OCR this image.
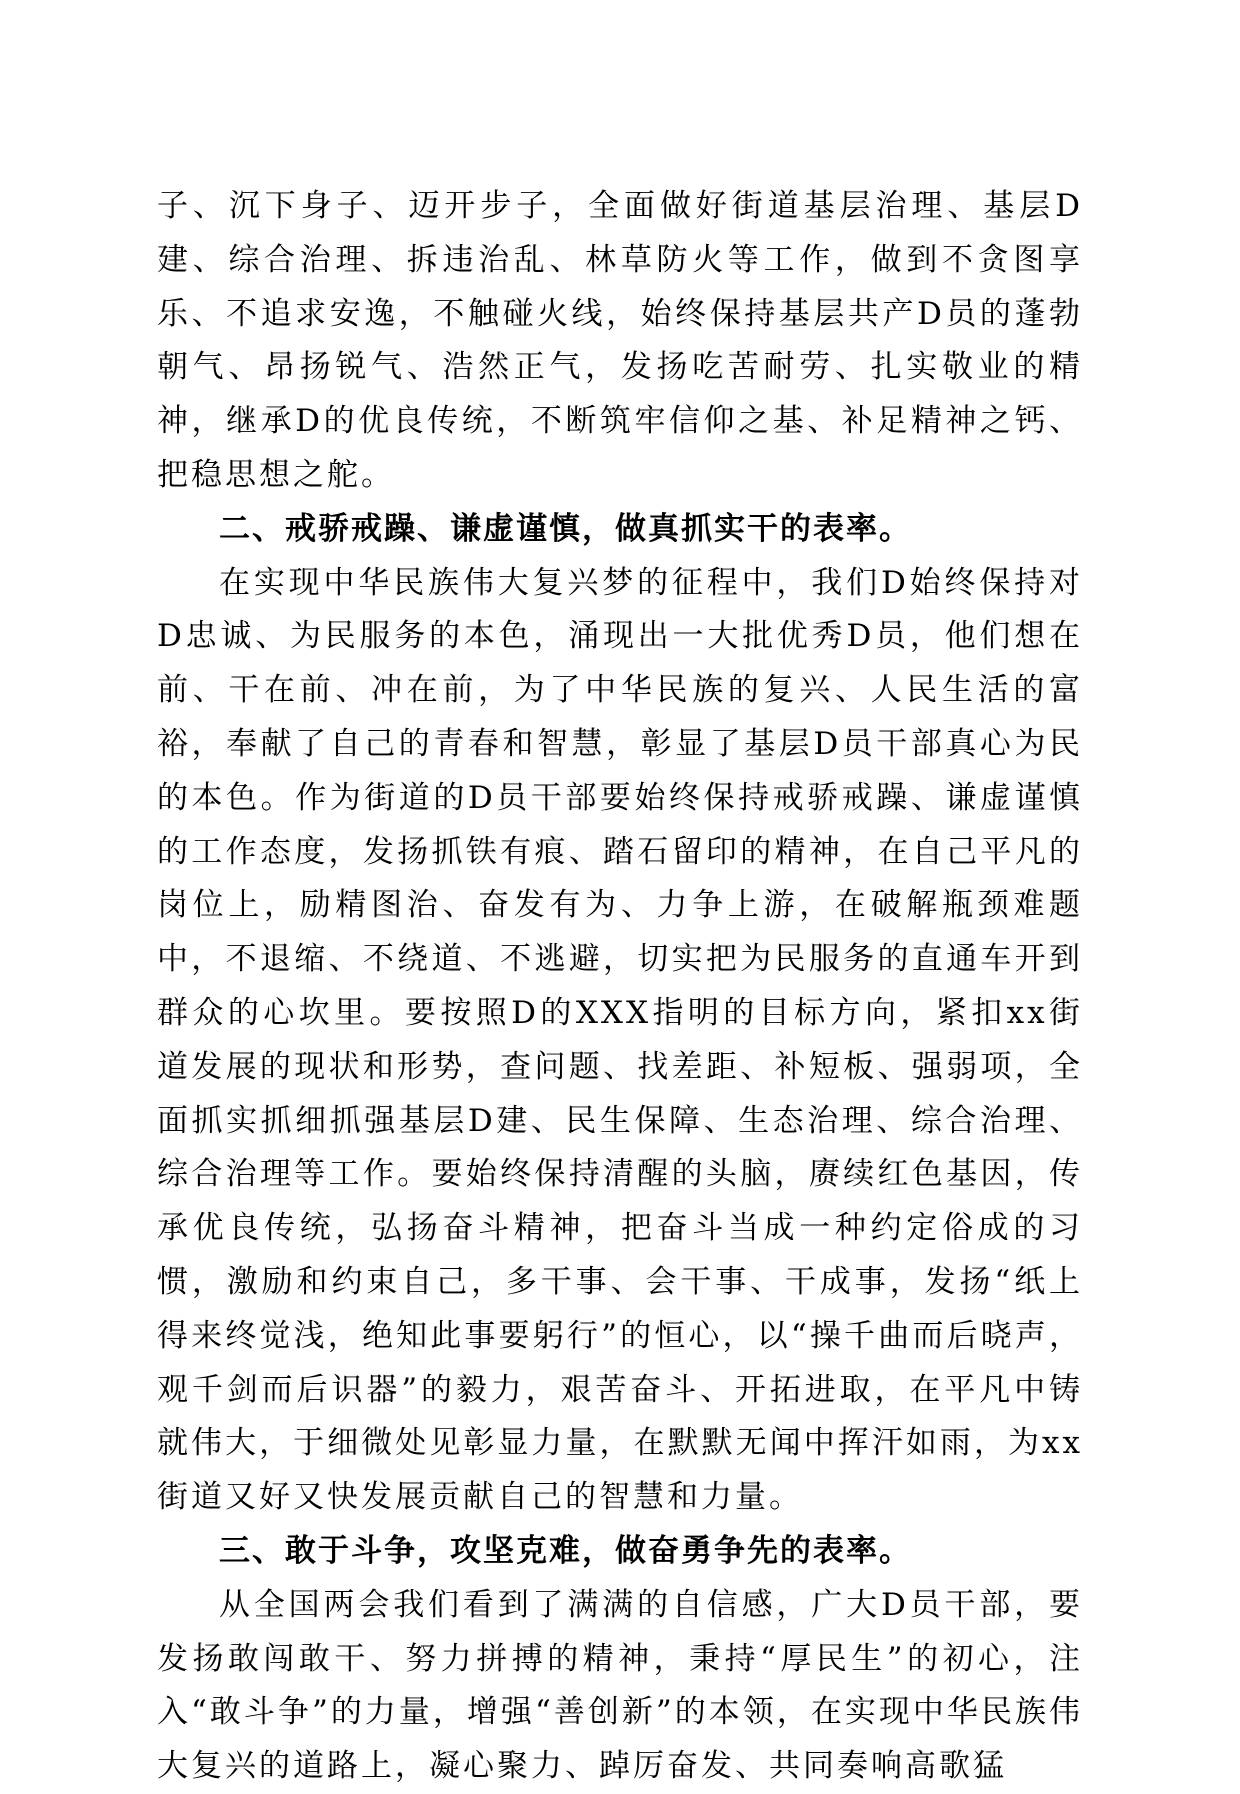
子、沉下身子、迈开步子，全面做好街道基层治理、基层D建、综合治理、拆违治乱、林草防火等工作，做到不贪图享乐、不追求安逸，不触碰火线，始终保持基层共产D员的蓬勃朝气、昂扬锐气、浩然正气，发扬吃苦耐劳、扎实敬业的精神，继承D的优良传统，不断筑牢信仰之基、补足精神之钙、把稳思想之舵。

二、戒骄戒躁、谦虚谨慎，做真抓实干的表率。

在实现中华民族伟大复兴梦的征程中，我们D始终保持对D忠诚、为民服务的本色，涌现出一大批优秀D员，他们想在前、干在前、冲在前，为了中华民族的复兴、人民生活的富裕，奉献了自己的青春和智慧，彰显了基层D员干部真心为民的本色。作为街道的D员干部要始终保持戒骄戒躁、谦虚谨慎的工作态度，发扬抓铁有痕、踏石留印的精神，在自己平凡的岗位上，励精图治、奋发有为、力争上游，在破解瓶颈难题中，不退缩、不绕道、不逃避，切实把为民服务的直通车开到群众的心坎里。要按照D的XXX指明的目标方向，紧扣xx街道发展的现状和形势，查问题、找差距、补短板、强弱项，全面抓实抓细抓强基层D建、民生保障、生态治理、综合治理、综合治理等工作。要始终保持清醒的头脑，赓续红色基因，传承优良传统，弘扬奋斗精神，把奋斗当成一种约定俗成的习惯，激励和约束自己，多干事、会干事、干成事，发扬“纸上得来终觉浅，绝知此事要躬行”的恒心，以“操千曲而后晓声，观千剑而后识器”的毅力，艰苦奋斗、开拓进取，在平凡中铸就伟大，于细微处见彰显力量，在默默无闻中挥汗如雨，为xx街道又好又快发展贡献自己的智慧和力量。

三、敢于斗争，攻坚克难，做奋勇争先的表率。

从全国两会我们看到了满满的自信感，广大D员干部，要发扬敢闯敢干、努力拼搏的精神，秉持“厚民生”的初心，注入“敢斗争”的力量，增强“善创新”的本领，在实现中华民族伟大复兴的道路上，凝心聚力、踔厉奋发、共同奏响高歌猛
